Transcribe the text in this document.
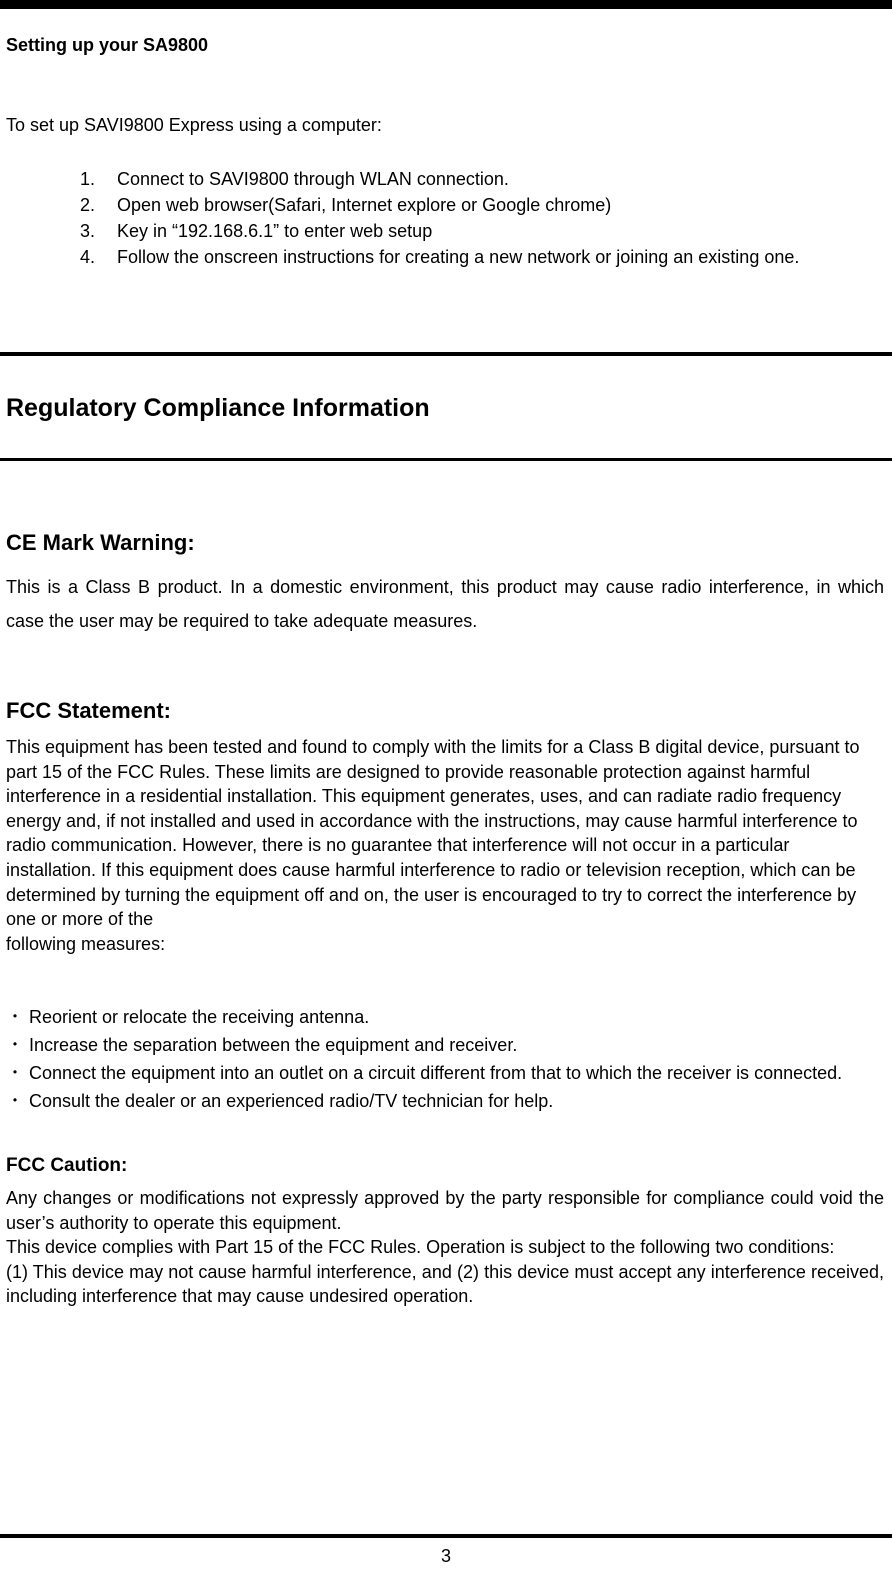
Setting up your SA9800
To set up SAVI9800 Express using a computer:
1. Connect to SAVI9800 through WLAN connection.
2. Open web browser(Safari, Internet explore or Google chrome)
3. Key in “192.168.6.1” to enter web setup
4. Follow the onscreen instructions for creating a new network or joining an existing one.
Regulatory Compliance Information
CE Mark Warning:
This is a Class B product. In a domestic environment, this product may cause radio interference, in which case the user may be required to take adequate measures.
FCC Statement:
This equipment has been tested and found to comply with the limits for a Class B digital device, pursuant to part 15 of the FCC Rules. These limits are designed to provide reasonable protection against harmful interference in a residential installation. This equipment generates, uses, and can radiate radio frequency energy and, if not installed and used in accordance with the instructions, may cause harmful interference to radio communication. However, there is no guarantee that interference will not occur in a particular installation. If this equipment does cause harmful interference to radio or television reception, which can be determined by turning the equipment off and on, the user is encouraged to try to correct the interference by one or more of the
following measures:
・ Reorient or relocate the receiving antenna.
・ Increase the separation between the equipment and receiver.
・ Connect the equipment into an outlet on a circuit different from that to which the receiver is connected.
・ Consult the dealer or an experienced radio/TV technician for help.
FCC Caution:
Any changes or modifications not expressly approved by the party responsible for compliance could void the user’s authority to operate this equipment.
This device complies with Part 15 of the FCC Rules. Operation is subject to the following two conditions:
(1) This device may not cause harmful interference, and (2) this device must accept any interference received, including interference that may cause undesired operation.
3
